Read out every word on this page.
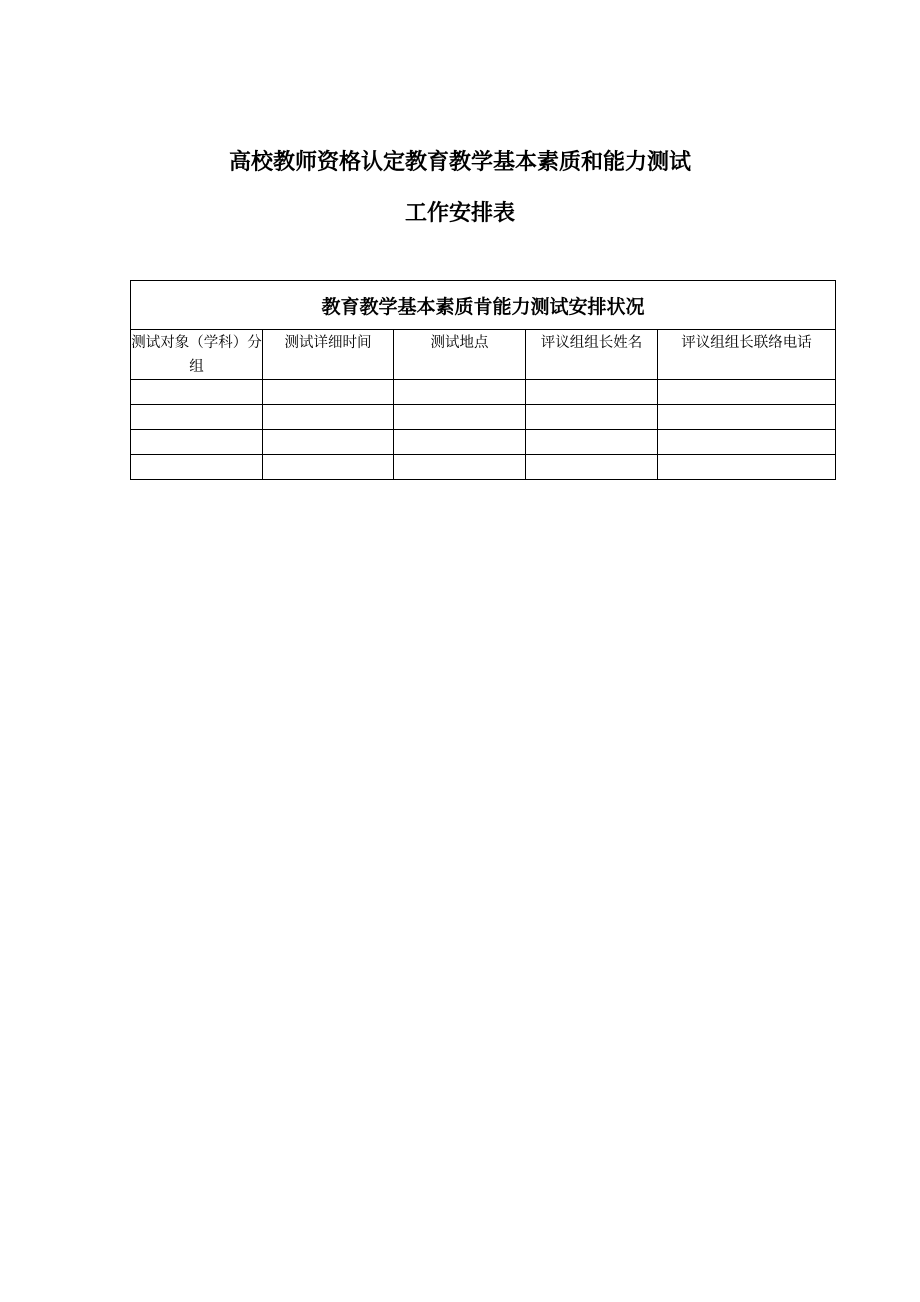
高校教师资格认定教育教学基本素质和能力测试
工作安排表
教育教学基本素质肯能力测试安排状况				
测试对象（学科）分组	测试详细时间	测试地点	评议组组长姓名	评议组组长联络电话
